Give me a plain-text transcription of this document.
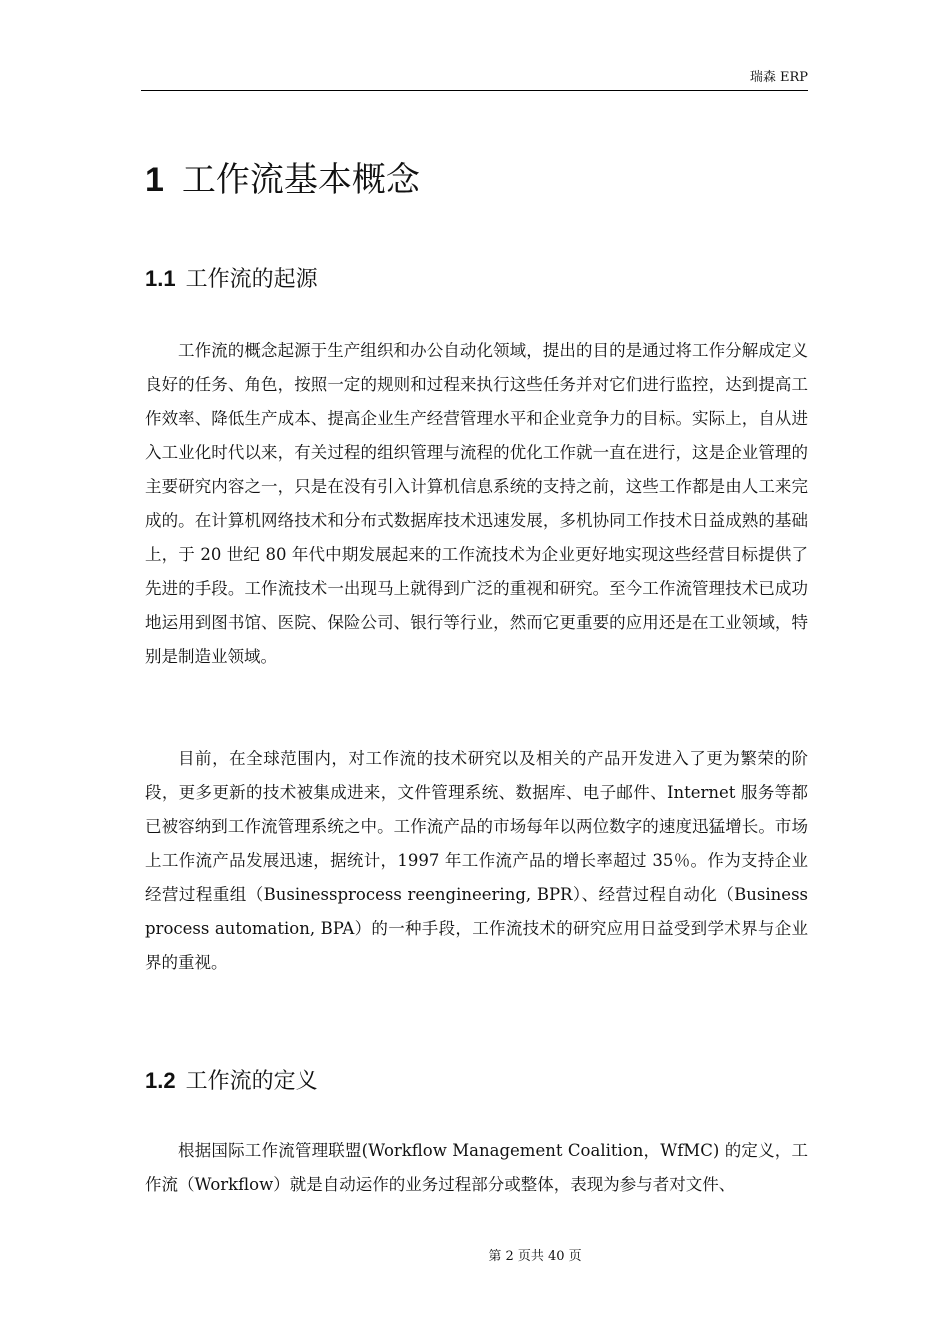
瑞森 ERP
1 工作流基本概念
1.1 工作流的起源

工作流的概念起源于生产组织和办公自动化领域，提出的目的是通过将工作分解成定义良好的任务、角色，按照一定的规则和过程来执行这些任务并对它们进行监控，达到提高工作效率、降低生产成本、提高企业生产经营管理水平和企业竞争力的目标。实际上，自从进入工业化时代以来，有关过程的组织管理与流程的优化工作就一直在进行，这是企业管理的主要研究内容之一，只是在没有引入计算机信息系统的支持之前，这些工作都是由人工来完成的。在计算机网络技术和分布式数据库技术迅速发展，多机协同工作技术日益成熟的基础上，于 20 世纪 80 年代中期发展起来的工作流技术为企业更好地实现这些经营目标提供了先进的手段。工作流技术一出现马上就得到广泛的重视和研究。至今工作流管理技术已成功地运用到图书馆、医院、保险公司、银行等行业，然而它更重要的应用还是在工业领域，特别是制造业领域。

目前，在全球范围内，对工作流的技术研究以及相关的产品开发进入了更为繁荣的阶段，更多更新的技术被集成进来，文件管理系统、数据库、电子邮件、Internet 服务等都已被容纳到工作流管理系统之中。工作流产品的市场每年以两位数字的速度迅猛增长。市场上工作流产品发展迅速，据统计，1997 年工作流产品的增长率超过 35％。作为支持企业经营过程重组（Businessprocess reengineering, BPR）、经营过程自动化（Business process automation, BPA）的一种手段，工作流技术的研究应用日益受到学术界与企业界的重视。

1.2 工作流的定义

根据国际工作流管理联盟(Workflow Management Coalition，WfMC) 的定义，工作流（Workflow）就是自动运作的业务过程部分或整体，表现为参与者对文件、

第 2 页共 40 页
